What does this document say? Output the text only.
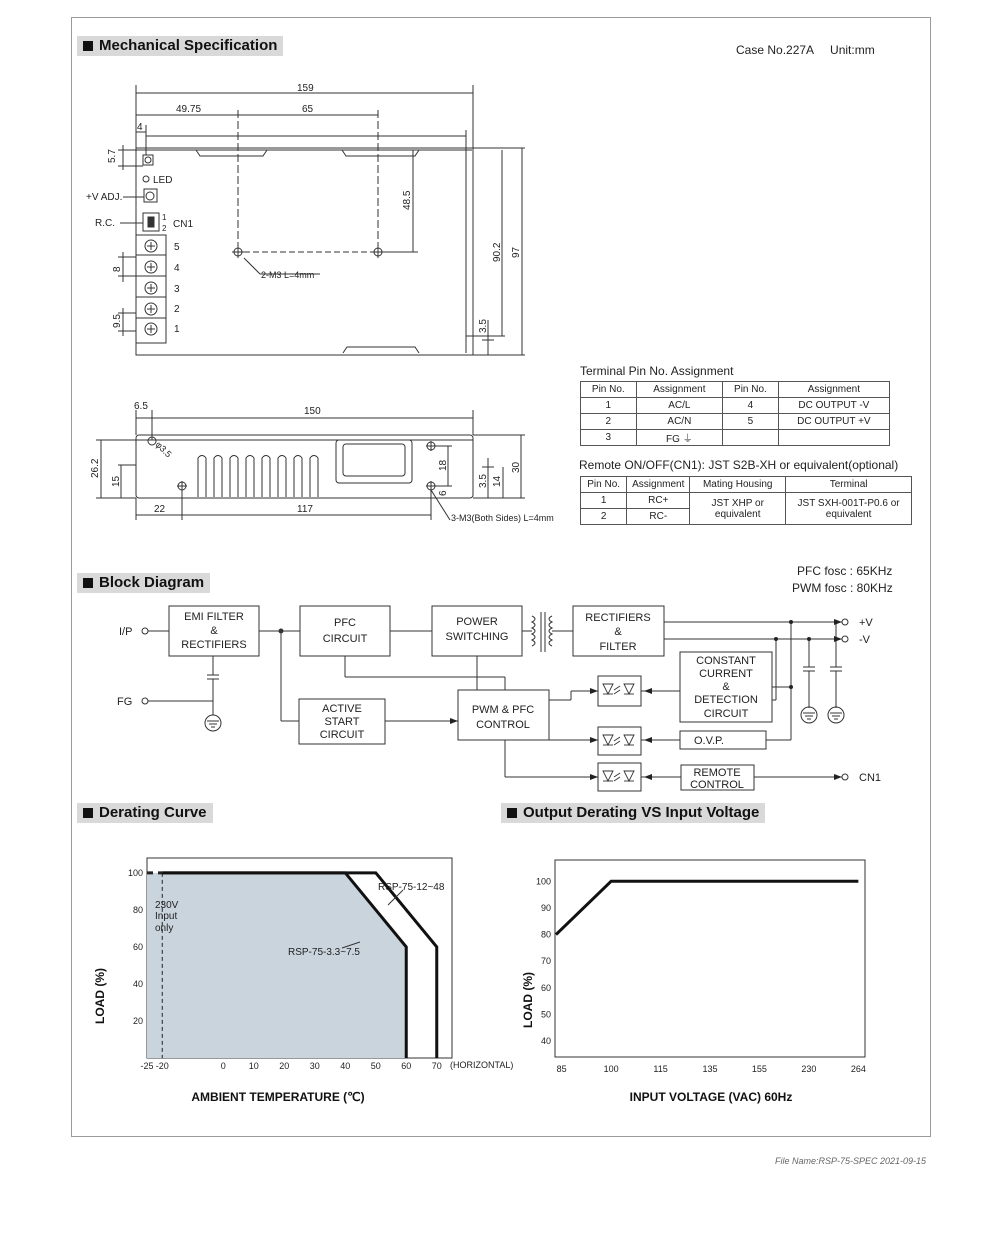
Mechanical Specification
Block Diagram
Derating Curve	Output Derating VS Input Voltage
Case No.227A     Unit:mm
159
49.75	65
4
LED
+V ADJ.
R.C.	CN1
1
2
5
4
3
2
1
2-M3 L=4mm
5.7
8
9.5
48.5
90.2 97
3.5
6.5	150
φ3.5
26.2
15
18
6
3.5 14
30
22	117
3-M3(Both Sides) L=4mm
Terminal Pin No. Assignment
Pin No.	Assignment	Pin No.	Assignment
1	AC/L	4	DC OUTPUT -V
2	AC/N	5	DC OUTPUT +V
3	FG ⏚		
Remote ON/OFF(CN1): JST S2B-XH or equivalent(optional)
Pin No.	Assignment	Mating Housing	Terminal
1	RC+	JST XHP or equivalent	JST SXH-001T-P0.6 or equivalent
2	RC-		
PFC fosc : 65KHz
PWM fosc : 80KHz
EMI FILTER
&
RECTIFIERS
PFC
CIRCUIT
POWER
SWITCHING
RECTIFIERS
&
FILTER
CONSTANT
CURRENT
&
DETECTION
CIRCUIT
ACTIVE
START
CIRCUIT
PWM & PFC
CONTROL
O.V.P.
REMOTE
CONTROL
I/P
FG
+V
-V
CN1
-25 -20	0	10 20 30 40 50 60 70
100
80
60
40
20
RSP-75-12~48
RSP-75-3.3~7.5
230V
Input
only
(HORIZONTAL)
AMBIENT TEMPERATURE (℃)
LOAD (%)
85	100	115	135	155	230	264
100
90
80
70
60
50
40
INPUT VOLTAGE (VAC) 60Hz
LOAD (%)
File Name:RSP-75-SPEC 2021-09-15
